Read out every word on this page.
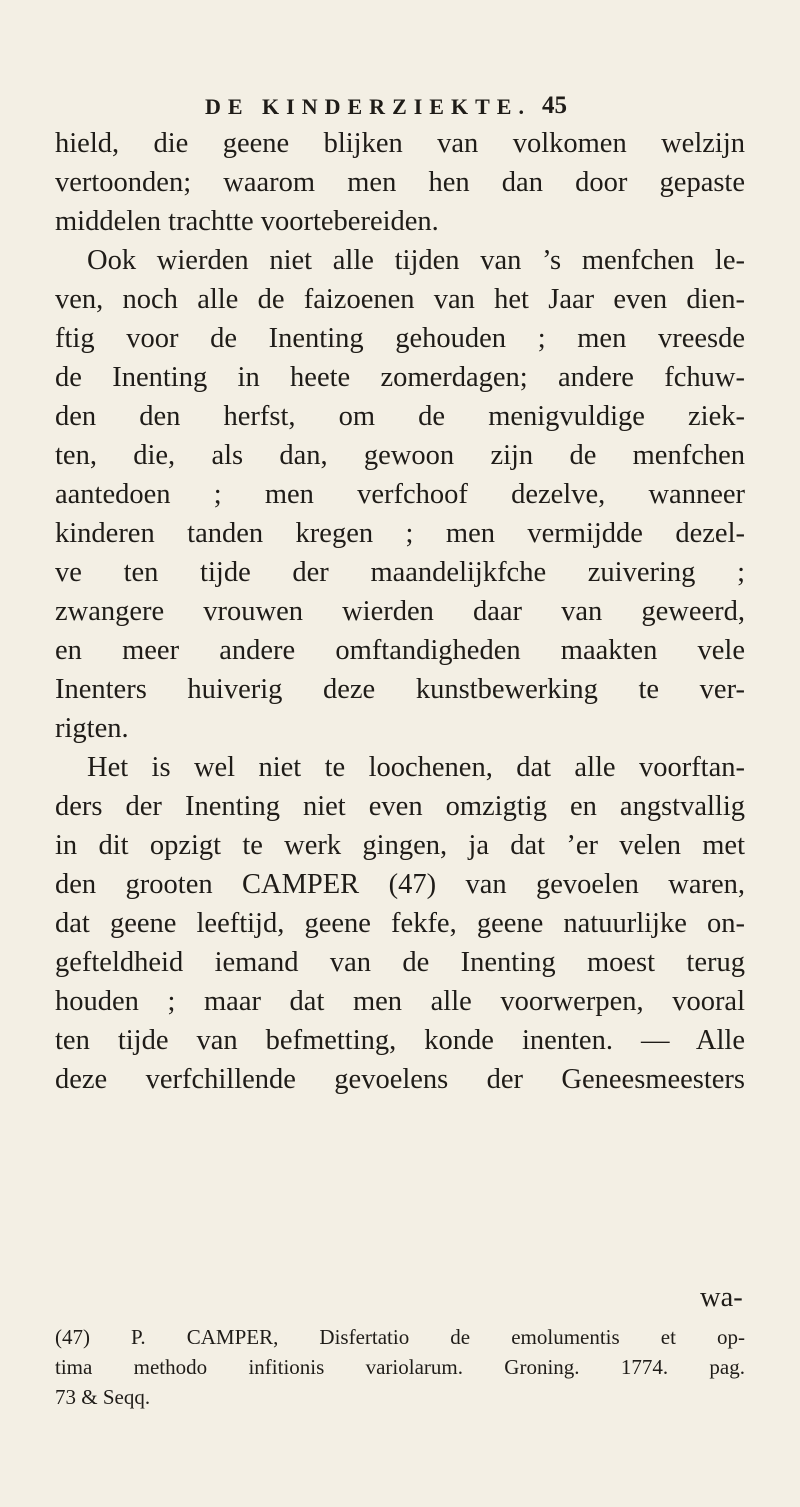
DE KINDERZIEKTE. 45
hield, die geene blijken van volkomen welzijn
vertoonden; waarom men hen dan door gepaste
middelen trachtte voortebereiden.
Ook wierden niet alle tijden van ’s menfchen le-
ven, noch alle de faizoenen van het Jaar even dien-
ftig voor de Inenting gehouden ; men vreesde
de Inenting in heete zomerdagen; andere fchuw-
den den herfst, om de menigvuldige ziek-
ten, die, als dan, gewoon zijn de menfchen
aantedoen ; men verfchoof dezelve, wanneer
kinderen tanden kregen ; men vermijdde dezel-
ve ten tijde der maandelijkfche zuivering ;
zwangere vrouwen wierden daar van geweerd,
en meer andere omftandigheden maakten vele
Inenters huiverig deze kunstbewerking te ver-
rigten.
Het is wel niet te loochenen, dat alle voorftan-
ders der Inenting niet even omzigtig en angstvallig
in dit opzigt te werk gingen, ja dat ’er velen met
den grooten CAMPER (47) van gevoelen waren,
dat geene leeftijd, geene fekfe, geene natuurlijke on-
gefteldheid iemand van de Inenting moest terug
houden ; maar dat men alle voorwerpen, vooral
ten tijde van befmetting, konde inenten. — Alle
deze verfchillende gevoelens der Geneesmeesters
wa-
(47) P. CAMPER, Disfertatio de emolumentis et op-
tima methodo infitionis variolarum. Groning. 1774. pag.
73 & Seqq.
